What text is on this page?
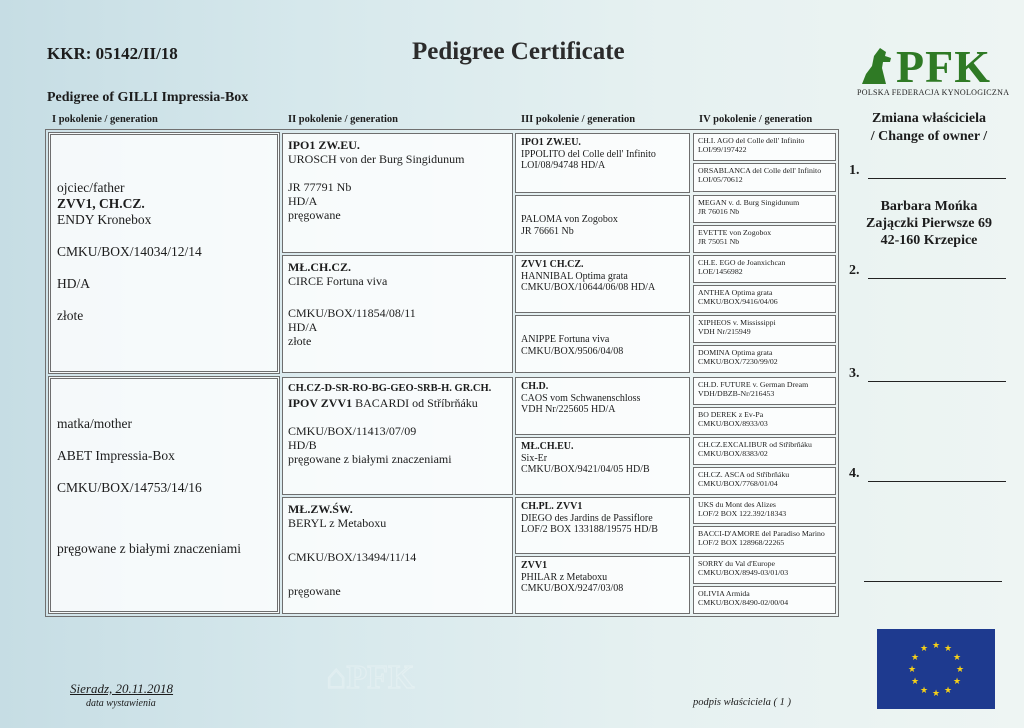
KKR: 05142/II/18	Pedigree Certificate
Pedigree of GILLI Impressia-Box
PFK
POLSKA FEDERACJA KYNOLOGICZNA
I pokolenie / generation	II pokolenie / generation	III pokolenie / generation	IV pokolenie / generation
ojciec/father
ZVV1, CH.CZ.
ENDY Kronebox
CMKU/BOX/14034/12/14
HD/A
złote
matka/mother
ABET Impressia-Box
CMKU/BOX/14753/14/16
pręgowane z białymi znaczeniami
IPO1 ZW.EU.
UROSCH von der Burg Singidunum
JR 77791 Nb
HD/A
pręgowane
MŁ.CH.CZ.
CIRCE Fortuna viva
CMKU/BOX/11854/08/11
HD/A
złote
CH.CZ-D-SR-RO-BG-GEO-SRB-H. GR.CH.
IPOV ZVV1 BACARDI od Stříbrňáku
CMKU/BOX/11413/07/09
HD/B
pręgowane z białymi znaczeniami
MŁ.ZW.ŚW.
BERYL z Metaboxu
CMKU/BOX/13494/11/14
pręgowane
IPO1 ZW.EU.
IPPOLITO del Colle dell' Infinito
LOI/08/94748 HD/A
PALOMA von Zogobox
JR 76661 Nb
ZVV1 CH.CZ.
HANNIBAL Optima grata
CMKU/BOX/10644/06/08 HD/A
ANIPPE Fortuna viva
CMKU/BOX/9506/04/08
CH.D.
CAOS vom Schwanenschloss
VDH Nr/225605 HD/A
MŁ.CH.EU.
Six-Er
CMKU/BOX/9421/04/05 HD/B
CH.PL. ZVV1
DIEGO des Jardins de Passiflore
LOF/2 BOX 133188/19575 HD/B
ZVV1
PHILAR z Metaboxu
CMKU/BOX/9247/03/08
CH.I. AGO del Colle dell' Infinito
LOI/99/197422
ORSABLANCA del Colle dell' Infinito
LOI/05/70612
MEGAN v. d. Burg Singidunum
JR 76016 Nb
EVETTE von Zogobox
JR 75051 Nb
CH.E. EGO de Joanxichcan
LOE/1456982
ANTHEA Optima grata
CMKU/BOX/9416/04/06
XIPHEOS v. Mississippi
VDH Nr/215949
DOMINA Optima grata
CMKU/BOX/7230/99/02
CH.D. FUTURE v. German Dream
VDH/DBZB-Nr/216453
BO DEREK z Ev-Pa
CMKU/BOX/8933/03
CH.CZ.EXCALIBUR od Stříbrňáku
CMKU/BOX/8383/02
CH.CZ. ASCA od Stříbrňáku
CMKU/BOX/7768/01/04
UKS du Mont des Alizes
LOF/2 BOX 122.392/18343
BACCI-D'AMORE del Paradiso Marino
LOF/2 BOX 128968/22265
SORRY du Val d'Europe
CMKU/BOX/8949-03/01/03
OLIVIA Armida
CMKU/BOX/8490-02/00/04
Zmiana właściciela
/ Change of owner /
1.
Barbara Mońka
Zajączki Pierwsze 69
42-160 Krzepice
2.
3.
4.
★ ★
★
★
★
★
★
★
★
★
★
★
⌂PFK
Sieradz, 20.11.2018
data wystawienia	podpis właściciela ( 1 )
